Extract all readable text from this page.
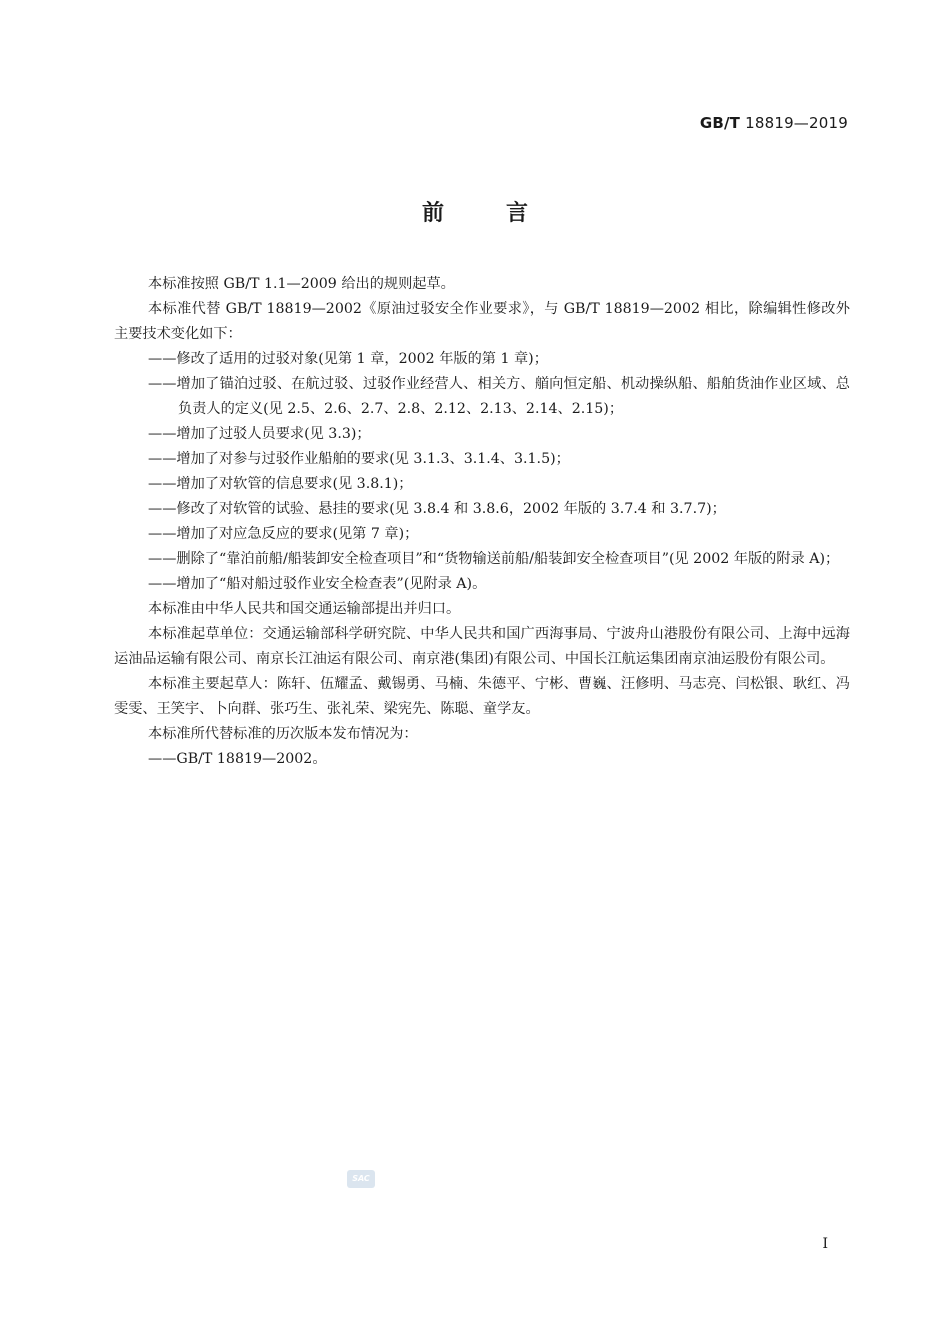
GB/T 18819—2019
前言

本标准按照 GB/T 1.1—2009 给出的规则起草。

本标准代替 GB/T 18819—2002《原油过驳安全作业要求》，与 GB/T 18819—2002 相比，除编辑性修改外主要技术变化如下：

——修改了适用的过驳对象(见第 1 章，2002 年版的第 1 章)；

——增加了锚泊过驳、在航过驳、过驳作业经营人、相关方、艏向恒定船、机动操纵船、船舶货油作业区域、总负责人的定义(见 2.5、2.6、2.7、2.8、2.12、2.13、2.14、2.15)；

——增加了过驳人员要求(见 3.3)；

——增加了对参与过驳作业船舶的要求(见 3.1.3、3.1.4、3.1.5)；

——增加了对软管的信息要求(见 3.8.1)；

——修改了对软管的试验、悬挂的要求(见 3.8.4 和 3.8.6，2002 年版的 3.7.4 和 3.7.7)；

——增加了对应急反应的要求(见第 7 章)；

——删除了“靠泊前船/船装卸安全检查项目”和“货物输送前船/船装卸安全检查项目”(见 2002 年版的附录 A)；

——增加了“船对船过驳作业安全检查表”(见附录 A)。

本标准由中华人民共和国交通运输部提出并归口。

本标准起草单位：交通运输部科学研究院、中华人民共和国广西海事局、宁波舟山港股份有限公司、上海中远海运油品运输有限公司、南京长江油运有限公司、南京港(集团)有限公司、中国长江航运集团南京油运股份有限公司。

本标准主要起草人：陈轩、伍耀孟、戴锡勇、马楠、朱德平、宁彬、曹巍、汪修明、马志亮、闫松银、耿红、冯雯雯、王笑宇、卜向群、张巧生、张礼荣、梁宪先、陈聪、童学友。

本标准所代替标准的历次版本发布情况为：

——GB/T 18819—2002。

SAC
I
